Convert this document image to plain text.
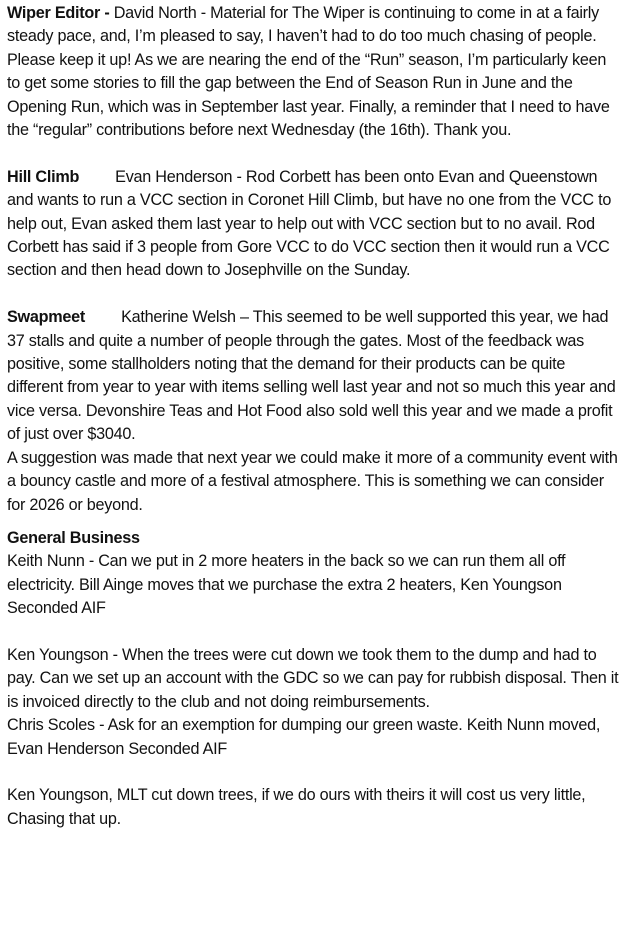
Wiper Editor - David North - Material for The Wiper is continuing to come in at a fairly steady pace, and, I’m pleased to say, I haven’t had to do too much chasing of people. Please keep it up! As we are nearing the end of the “Run” season, I’m particularly keen to get some stories to fill the gap between the End of Season Run in June and the Opening Run, which was in September last year. Finally, a reminder that I need to have the “regular” contributions before next Wednesday (the 16th). Thank you.

Hill Climb Evan Henderson - Rod Corbett has been onto Evan and Queenstown and wants to run a VCC section in Coronet Hill Climb, but have no one from the VCC to help out, Evan asked them last year to help out with VCC section but to no avail. Rod Corbett has said if 3 people from Gore VCC to do VCC section then it would run a VCC section and then head down to Josephville on the Sunday.

Swapmeet Katherine Welsh – This seemed to be well supported this year, we had 37 stalls and quite a number of people through the gates. Most of the feedback was positive, some stallholders noting that the demand for their products can be quite different from year to year with items selling well last year and not so much this year and vice versa. Devonshire Teas and Hot Food also sold well this year and we made a profit of just over $3040.

A suggestion was made that next year we could make it more of a community event with a bouncy castle and more of a festival atmosphere. This is something we can consider for 2026 or beyond.

General Business

Keith Nunn - Can we put in 2 more heaters in the back so we can run them all off electricity. Bill Ainge moves that we purchase the extra 2 heaters, Ken Youngson Seconded AIF

Ken Youngson - When the trees were cut down we took them to the dump and had to pay. Can we set up an account with the GDC so we can pay for rubbish disposal. Then it is invoiced directly to the club and not doing reimbursements.

Chris Scoles - Ask for an exemption for dumping our green waste. Keith Nunn moved, Evan Henderson Seconded AIF

Ken Youngson, MLT cut down trees, if we do ours with theirs it will cost us very little, Chasing that up.
